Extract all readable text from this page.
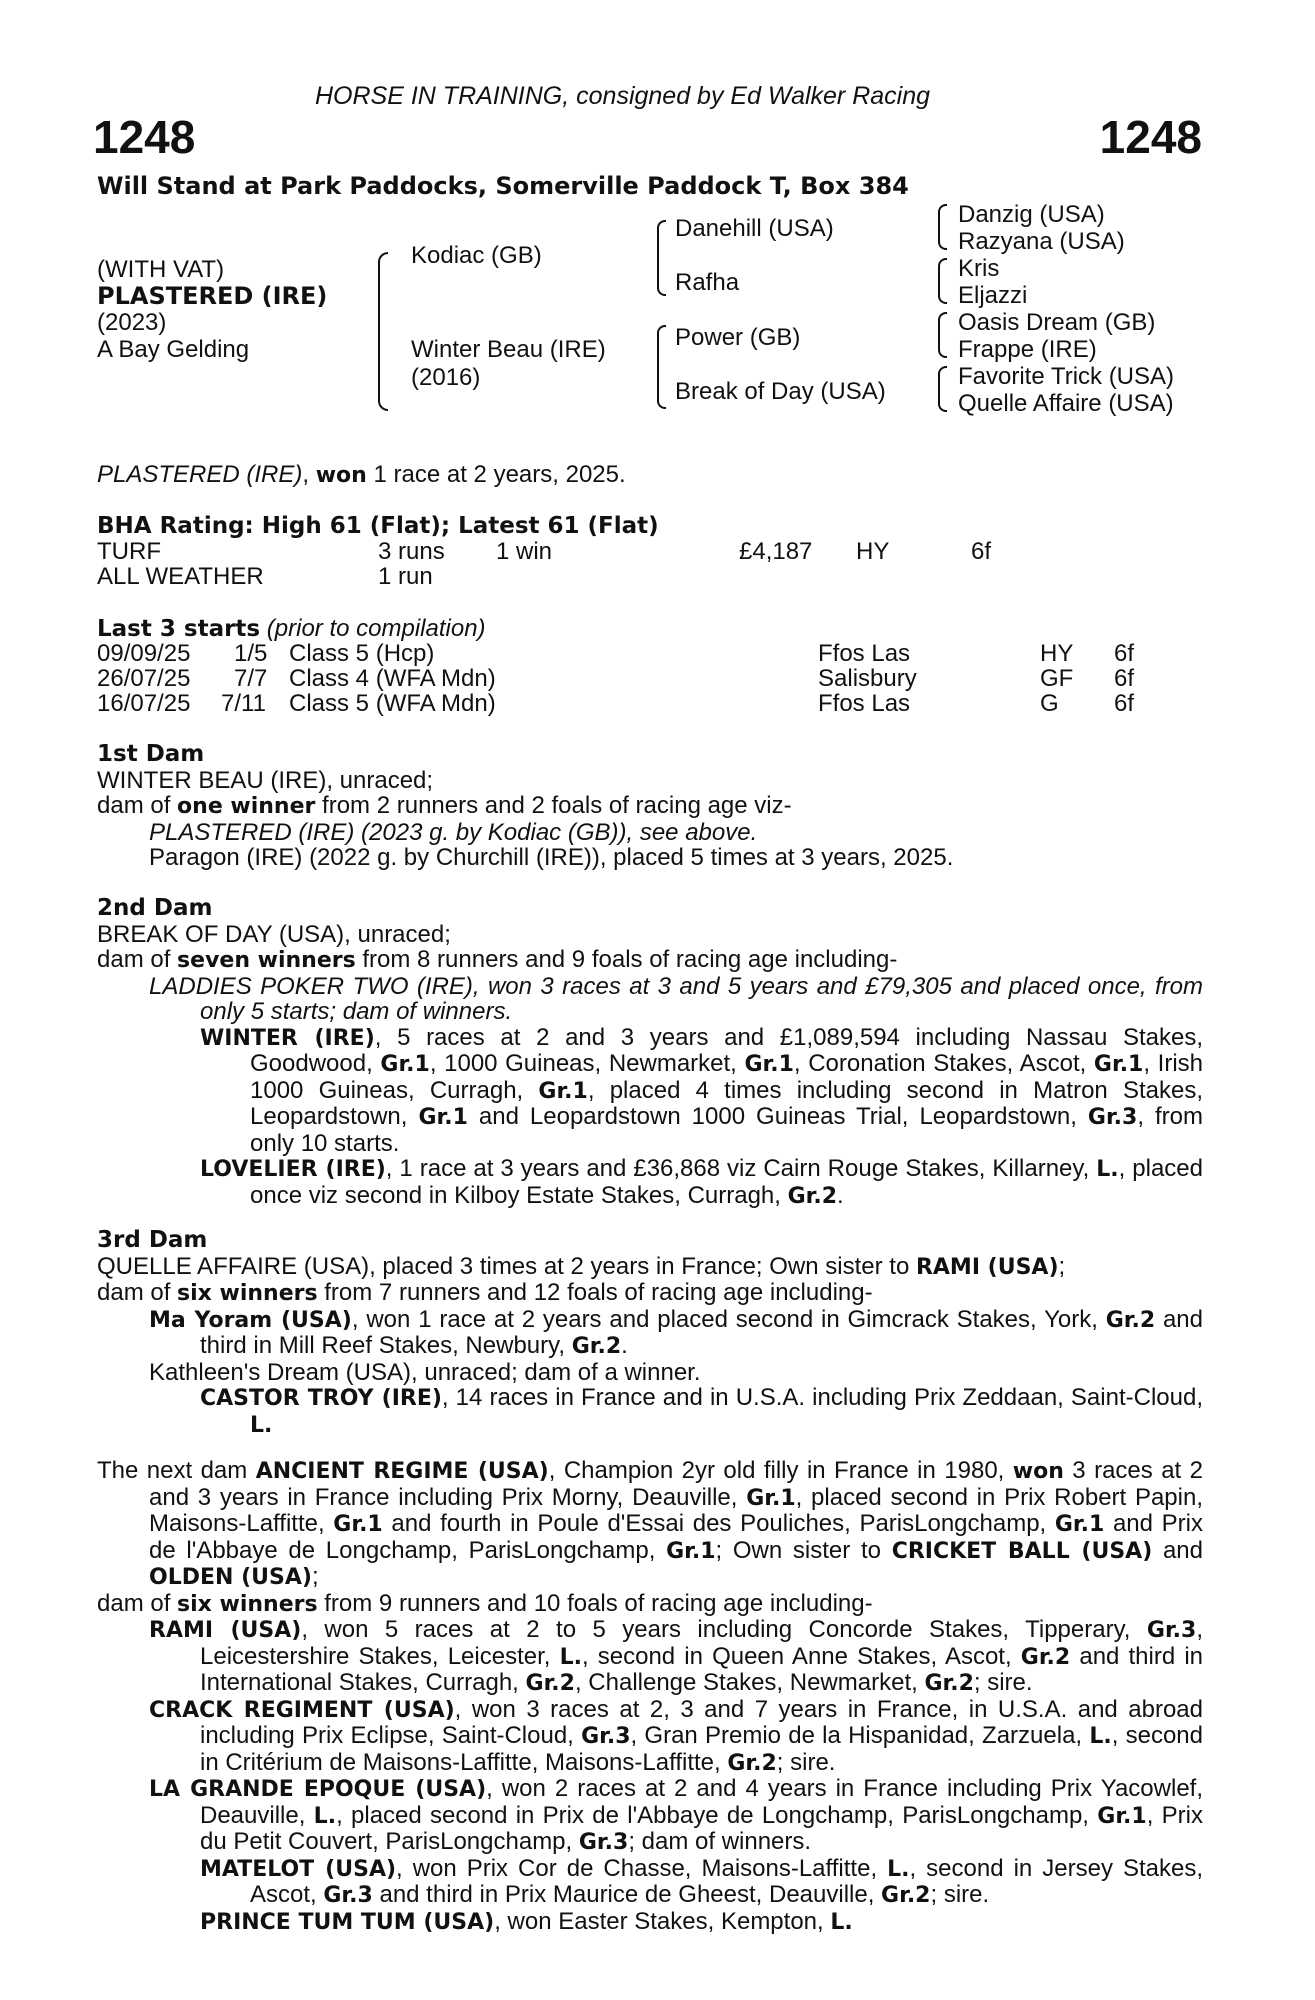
HORSE IN TRAINING, consigned by Ed Walker Racing
1248	1248
Will Stand at Park Paddocks, Somerville Paddock T, Box 384
(WITH VAT)
PLASTERED (IRE)
(2023)
A Bay Gelding
Kodiac (GB)
Winter Beau (IRE)
(2016)
Danehill (USA)
Rafha
Power (GB)
Break of Day (USA)
Danzig (USA)
Razyana (USA)
Kris
Eljazzi
Oasis Dream (GB)
Frappe (IRE)
Favorite Trick (USA)
Quelle Affaire (USA)
PLASTERED (IRE), won 1 race at 2 years, 2025.
BHA Rating: High 61 (Flat); Latest 61 (Flat)
TURF	3 runs 1 win	£4,187 HY	6f
ALL WEATHER	1 run
Last 3 starts (prior to compilation)
09/09/25 1/5 Class 5 (Hcp)	Ffos Las	HY 6f
26/07/25 7/7 Class 4 (WFA Mdn)	Salisbury	GF 6f
16/07/25 7/11 Class 5 (WFA Mdn)	Ffos Las	G 6f

1st Dam

WINTER BEAU (IRE), unraced;

dam of one winner from 2 runners and 2 foals of racing age viz-

PLASTERED (IRE) (2023 g. by Kodiac (GB)), see above.

Paragon (IRE) (2022 g. by Churchill (IRE)), placed 5 times at 3 years, 2025.

2nd Dam

BREAK OF DAY (USA), unraced;

dam of seven winners from 8 runners and 9 foals of racing age including-

LADDIES POKER TWO (IRE), won 3 races at 3 and 5 years and £79,305 and placed once, from only 5 starts; dam of winners.

WINTER (IRE), 5 races at 2 and 3 years and £1,089,594 including Nassau Stakes, Goodwood, Gr.1, 1000 Guineas, Newmarket, Gr.1, Coronation Stakes, Ascot, Gr.1, Irish 1000 Guineas, Curragh, Gr.1, placed 4 times including second in Matron Stakes, Leopardstown, Gr.1 and Leopardstown 1000 Guineas Trial, Leopardstown, Gr.3, from only 10 starts.

LOVELIER (IRE), 1 race at 3 years and £36,868 viz Cairn Rouge Stakes, Killarney, L., placed once viz second in Kilboy Estate Stakes, Curragh, Gr.2.

3rd Dam

QUELLE AFFAIRE (USA), placed 3 times at 2 years in France; Own sister to RAMI (USA);

dam of six winners from 7 runners and 12 foals of racing age including-

Ma Yoram (USA), won 1 race at 2 years and placed second in Gimcrack Stakes, York, Gr.2 and third in Mill Reef Stakes, Newbury, Gr.2.

Kathleen's Dream (USA), unraced; dam of a winner.

CASTOR TROY (IRE), 14 races in France and in U.S.A. including Prix Zeddaan, Saint-Cloud, L.

The next dam ANCIENT REGIME (USA), Champion 2yr old filly in France in 1980, won 3 races at 2 and 3 years in France including Prix Morny, Deauville, Gr.1, placed second in Prix Robert Papin, Maisons-Laffitte, Gr.1 and fourth in Poule d'Essai des Pouliches, ParisLongchamp, Gr.1 and Prix de l'Abbaye de Longchamp, ParisLongchamp, Gr.1; Own sister to CRICKET BALL (USA) and OLDEN (USA);

dam of six winners from 9 runners and 10 foals of racing age including-

RAMI (USA), won 5 races at 2 to 5 years including Concorde Stakes, Tipperary, Gr.3, Leicestershire Stakes, Leicester, L., second in Queen Anne Stakes, Ascot, Gr.2 and third in International Stakes, Curragh, Gr.2, Challenge Stakes, Newmarket, Gr.2; sire.

CRACK REGIMENT (USA), won 3 races at 2, 3 and 7 years in France, in U.S.A. and abroad including Prix Eclipse, Saint-Cloud, Gr.3, Gran Premio de la Hispanidad, Zarzuela, L., second in Critérium de Maisons-Laffitte, Maisons-Laffitte, Gr.2; sire.

LA GRANDE EPOQUE (USA), won 2 races at 2 and 4 years in France including Prix Yacowlef, Deauville, L., placed second in Prix de l'Abbaye de Longchamp, ParisLongchamp, Gr.1, Prix du Petit Couvert, ParisLongchamp, Gr.3; dam of winners.

MATELOT (USA), won Prix Cor de Chasse, Maisons-Laffitte, L., second in Jersey Stakes, Ascot, Gr.3 and third in Prix Maurice de Gheest, Deauville, Gr.2; sire.

PRINCE TUM TUM (USA), won Easter Stakes, Kempton, L.
